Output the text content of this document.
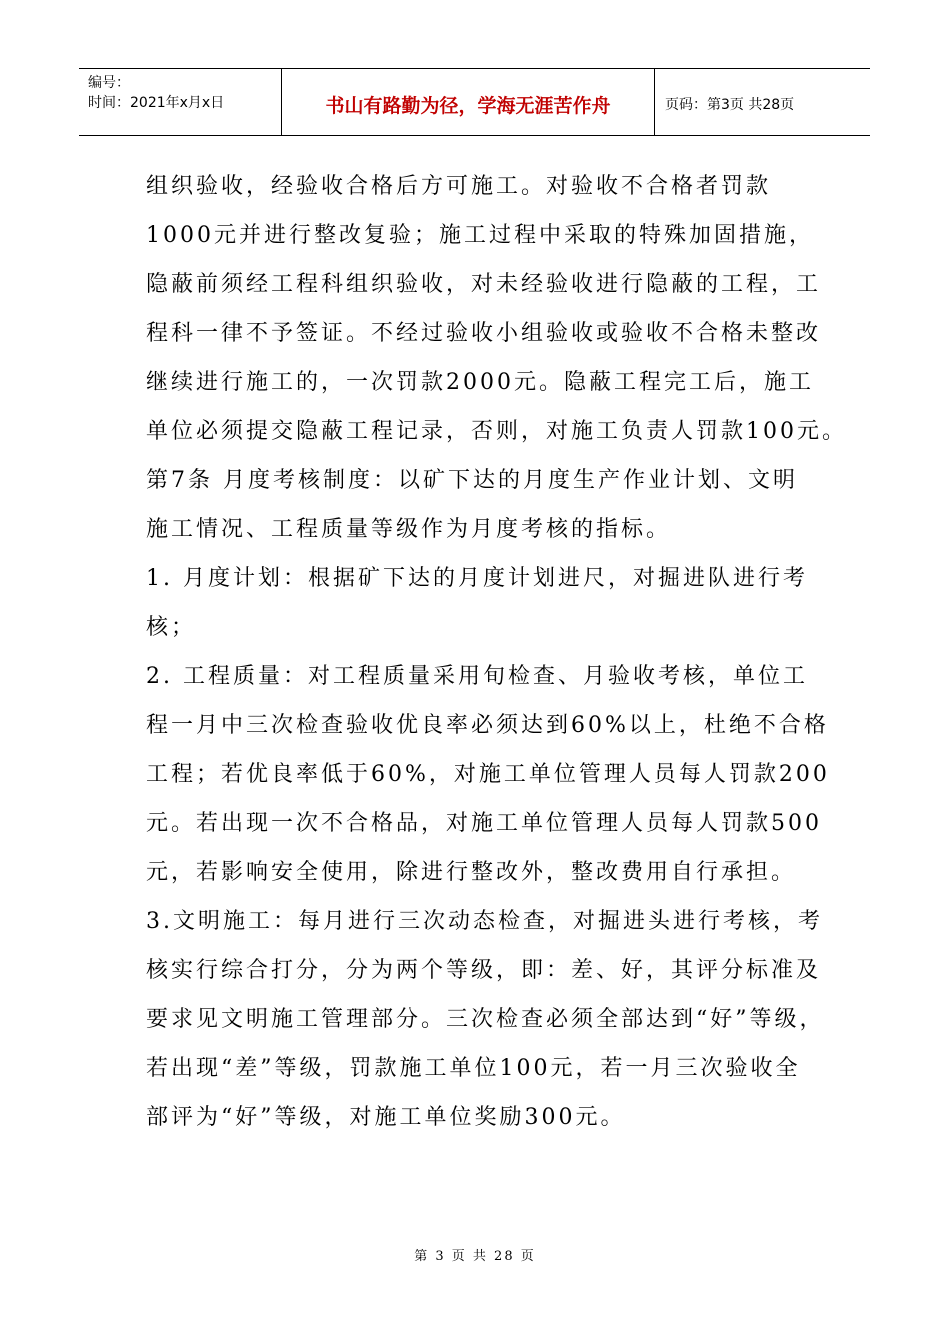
编号：
时间：2021年x月x日	书山有路勤为径，学海无涯苦作舟	页码：第3页 共28页
组织验收，经验收合格后方可施工。对验收不合格者罚款
1000元并进行整改复验；施工过程中采取的特殊加固措施，
隐蔽前须经工程科组织验收，对未经验收进行隐蔽的工程，工
程科一律不予签证。不经过验收小组验收或验收不合格未整改
继续进行施工的，一次罚款2000元。隐蔽工程完工后，施工
单位必须提交隐蔽工程记录，否则，对施工负责人罚款100元。
第7条 月度考核制度：以矿下达的月度生产作业计划、文明
施工情况、工程质量等级作为月度考核的指标。
1. 月度计划：根据矿下达的月度计划进尺，对掘进队进行考
核；
2. 工程质量：对工程质量采用旬检查、月验收考核，单位工
程一月中三次检查验收优良率必须达到60%以上，杜绝不合格
工程；若优良率低于60%，对施工单位管理人员每人罚款200
元。若出现一次不合格品，对施工单位管理人员每人罚款500
元，若影响安全使用，除进行整改外，整改费用自行承担。
3.文明施工：每月进行三次动态检查，对掘进头进行考核，考
核实行综合打分，分为两个等级，即：差、好，其评分标准及
要求见文明施工管理部分。三次检查必须全部达到“好”等级，
若出现“差”等级，罚款施工单位100元，若一月三次验收全
部评为“好”等级，对施工单位奖励300元。
第 3 页 共 28 页
